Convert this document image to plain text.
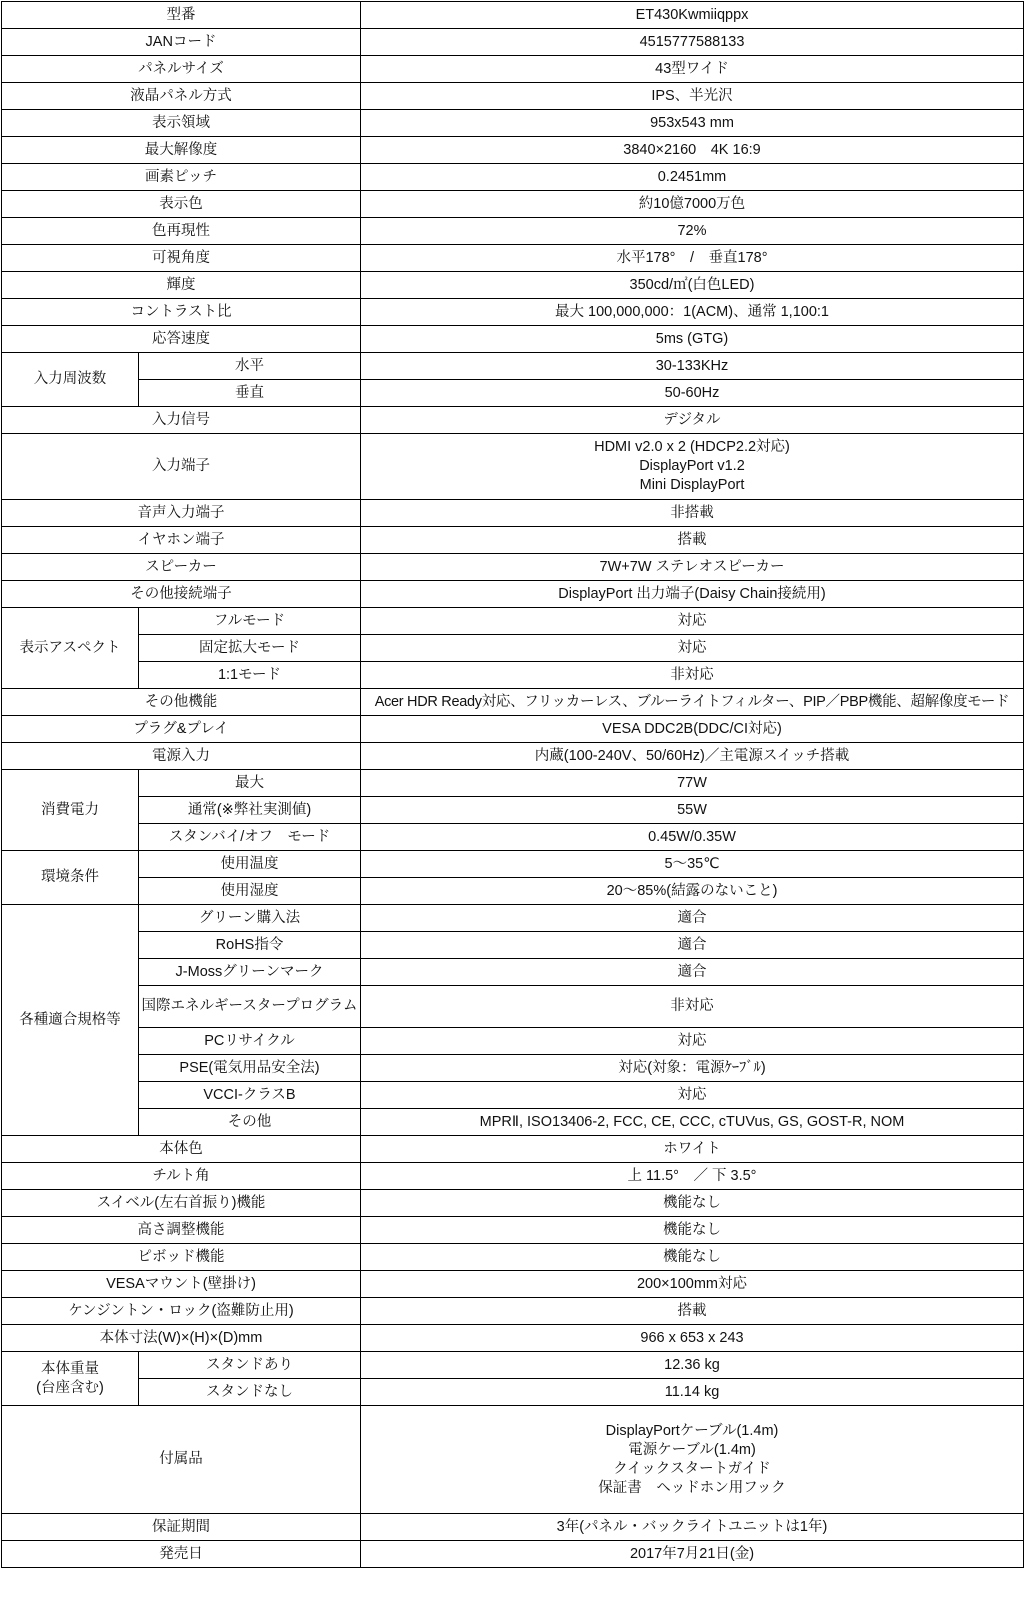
型番		ET430Kwmiiqppx
JANコード		4515777588133
パネルサイズ		43型ワイド
液晶パネル方式		IPS、半光沢
表示領域		953x543 mm
最大解像度		3840×2160　4K 16:9
画素ピッチ		0.2451mm
表示色		約10億7000万色
色再現性		72%
可視角度		水平178°　/　垂直178°
輝度		350cd/㎡(白色LED)
コントラスト比		最大 100,000,000：1(ACM)、通常 1,100:1
応答速度		5ms (GTG)
入力周波数	水平	30-133KHz
	垂直	50-60Hz
入力信号		デジタル
入力端子		HDMI v2.0 x 2 (HDCP2.2対応)
DisplayPort v1.2
Mini DisplayPort

音声入力端子		非搭載
イヤホン端子		搭載
スピーカー		7W+7W ステレオスピーカー
その他接続端子		DisplayPort 出力端子(Daisy Chain接続用)
表示アスペクト	フルモード	対応
	固定拡大モード	対応
	1:1モード	非対応
その他機能		Acer HDR Ready対応、フリッカーレス、ブルーライトフィルター、PIP／PBP機能、超解像度モード
プラグ&プレイ		VESA DDC2B(DDC/CI対応)
電源入力		内蔵(100-240V、50/60Hz)／主電源スイッチ搭載
消費電力	最大	77W
	通常(※弊社実測値)	55W
	スタンバイ/オフ　モード	0.45W/0.35W
環境条件	使用温度	5～35℃
	使用湿度	20～85%(結露のないこと)
各種適合規格等	グリーン購入法	適合
	RoHS指令	適合
	J-Mossグリーンマーク	適合
	国際エネルギースタープログラム	非対応
	PCリサイクル	対応
	PSE(電気用品安全法)	対応(対象：電源ｹｰﾌﾞﾙ)
	VCCI-クラスB	対応
	その他	MPRⅡ, ISO13406-2, FCC, CE, CCC, cTUVus, GS, GOST-R, NOM
本体色		ホワイト
チルト角		上 11.5°　／ 下 3.5°
スイベル(左右首振り)機能		機能なし
高さ調整機能		機能なし
ピボッド機能		機能なし
VESAマウント(壁掛け)		200×100mm対応
ケンジントン・ロック(盗難防止用)		搭載
本体寸法(W)×(H)×(D)mm		966 x 653 x 243

本体重量
(台座含む)	スタンドあり	12.36 kg
	スタンドなし	11.14 kg
付属品		DisplayPortケーブル(1.4m)
電源ケーブル(1.4m)
クイックスタートガイド
保証書　ヘッドホン用フック

保証期間		3年(パネル・バックライトユニットは1年)
発売日		2017年7月21日(金)
